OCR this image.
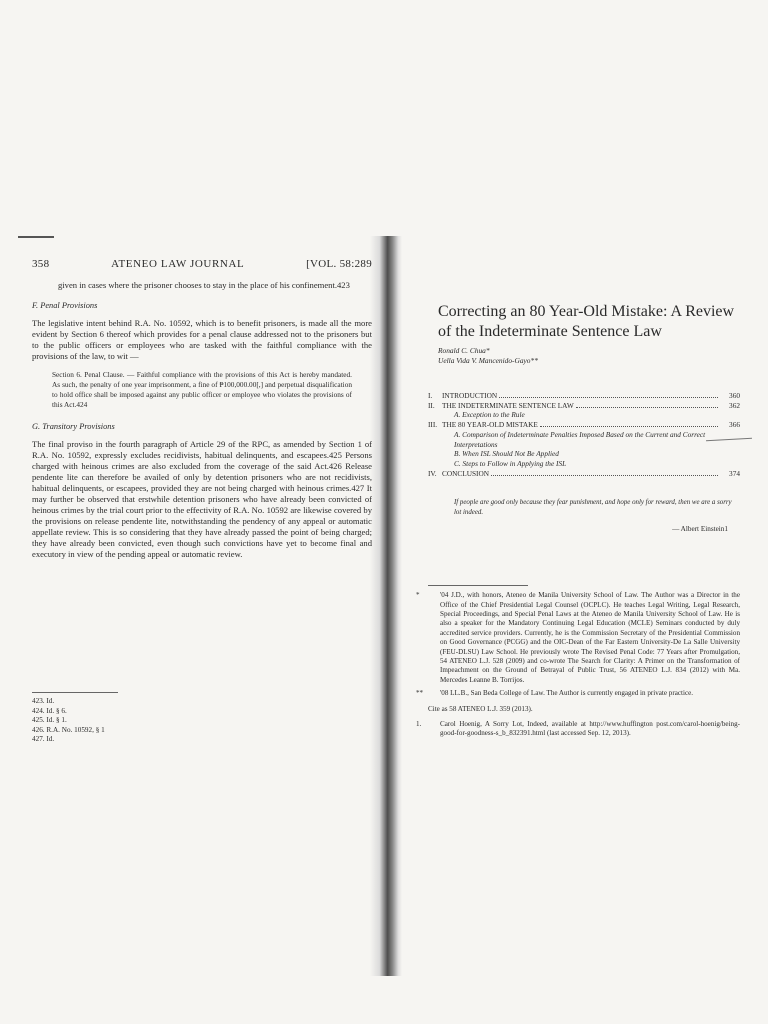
358	ATENEO LAW JOURNAL	[VOL. 58:289

given in cases where the prisoner chooses to stay in the place of his confinement.423

F. Penal Provisions

The legislative intent behind R.A. No. 10592, which is to benefit prisoners, is made all the more evident by Section 6 thereof which provides for a penal clause addressed not to the prisoners but to the public officers or employees who are tasked with the faithful compliance with the provisions of the law, to wit —

Section 6. Penal Clause. — Faithful compliance with the provisions of this Act is hereby mandated. As such, the penalty of one year imprisonment, a fine of ₱100,000.00[,] and perpetual disqualification to hold office shall be imposed against any public officer or employee who violates the provisions of this Act.424

G. Transitory Provisions

The final proviso in the fourth paragraph of Article 29 of the RPC, as amended by Section 1 of R.A. No. 10592, expressly excludes recidivists, habitual delinquents, and escapees.425 Persons charged with heinous crimes are also excluded from the coverage of the said Act.426 Release pendente lite can therefore be availed of only by detention prisoners who are not recidivists, habitual delinquents, or escapees, provided they are not being charged with heinous crimes.427 It may further be observed that erstwhile detention prisoners who have already been convicted of heinous crimes by the trial court prior to the effectivity of R.A. No. 10592 are likewise covered by the provisions on release pendente lite, notwithstanding the pendency of any appeal or automatic appellate review. This is so considering that they have already passed the point of being charged; they have already been convicted, even though such convictions have yet to become final and executory in view of the pending appeal or automatic review.

423. Id.
424. Id. § 6.
425. Id. § 1.
426. R.A. No. 10592, § 1
427. Id.
Correcting an 80 Year-Old Mistake: A Review of the Indeterminate Sentence Law
Ronald C. Chua*
Uella Vida V. Mancenido-Gayo**
I.	INTRODUCTION	360
II.	THE INDETERMINATE SENTENCE LAW	362
A. Exception to the Rule
III. THE 80 YEAR-OLD MISTAKE	366
A. Comparison of Indeterminate Penalties Imposed Based on the Current and Correct Interpretations
B. When ISL Should Not Be Applied
C. Steps to Follow in Applying the ISL
IV. CONCLUSION	374
If people are good only because they fear punishment, and hope only for reward, then we are a sorry lot indeed.
— Albert Einstein1

*	'04 J.D., with honors, Ateneo de Manila University School of Law. The Author was a Director in the Office of the Chief Presidential Legal Counsel (OCPLC). He teaches Legal Writing, Legal Research, Special Proceedings, and Special Penal Laws at the Ateneo de Manila University School of Law. He is also a speaker for the Mandatory Continuing Legal Education (MCLE) Seminars conducted by duly accredited service providers. Currently, he is the Commission Secretary of the Presidential Commission on Good Governance (PCGG) and the OIC-Dean of the Far Eastern University-De La Salle University (FEU-DLSU) Law School. He previously wrote The Revised Penal Code: 77 Years after Promulgation, 54 ATENEO L.J. 528 (2009) and co-wrote The Search for Clarity: A Primer on the Transformation of Impeachment on the Ground of Betrayal of Public Trust, 56 ATENEO L.J. 834 (2012) with Ma. Mercedes Leanne B. Torrijos.

** '08 LL.B., San Beda College of Law. The Author is currently engaged in private practice.

Cite as 58 ATENEO L.J. 359 (2013).

1.	Carol Hoenig, A Sorry Lot, Indeed, available at http://www.huffington post.com/carol-hoenig/being-good-for-goodness-s_b_832391.html (last accessed Sep. 12, 2013).
